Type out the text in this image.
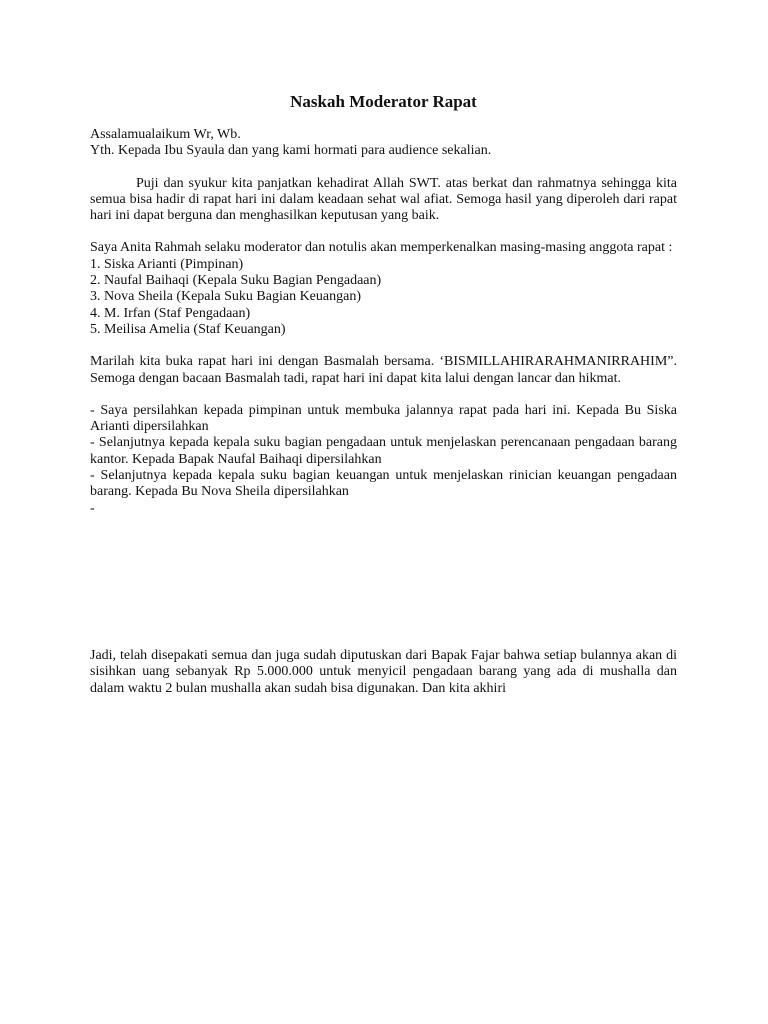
Naskah Moderator Rapat
Assalamualaikum Wr, Wb.
Yth. Kepada Ibu Syaula dan yang kami hormati para audience sekalian.

Puji dan syukur kita panjatkan kehadirat Allah SWT. atas berkat dan rahmatnya sehingga kita semua bisa hadir di rapat hari ini dalam keadaan sehat wal afiat. Semoga hasil yang diperoleh dari rapat hari ini dapat berguna dan menghasilkan keputusan yang baik.

Saya Anita Rahmah selaku moderator dan notulis akan memperkenalkan masing-masing anggota rapat :
1. Siska Arianti (Pimpinan)
2. Naufal Baihaqi (Kepala Suku Bagian Pengadaan)
3. Nova Sheila (Kepala Suku Bagian Keuangan)
4. M. Irfan (Staf Pengadaan)
5. Meilisa Amelia (Staf Keuangan)

Marilah kita buka rapat hari ini dengan Basmalah bersama. ‘BISMILLAHIRARAHMANIRRAHIM”. Semoga dengan bacaan Basmalah tadi, rapat hari ini dapat kita lalui dengan lancar dan hikmat.

- Saya persilahkan kepada pimpinan untuk membuka jalannya rapat pada hari ini. Kepada Bu Siska Arianti dipersilahkan

- Selanjutnya kepada kepala suku bagian pengadaan untuk menjelaskan perencanaan pengadaan barang kantor. Kepada Bapak Naufal Baihaqi dipersilahkan

- Selanjutnya kepada kepala suku bagian keuangan untuk menjelaskan rinician keuangan pengadaan barang. Kepada Bu Nova Sheila dipersilahkan

-

Jadi, telah disepakati semua dan juga sudah diputuskan dari Bapak Fajar bahwa setiap bulannya akan di sisihkan uang sebanyak Rp 5.000.000 untuk menyicil pengadaan barang yang ada di mushalla dan dalam waktu 2 bulan mushalla akan sudah bisa digunakan. Dan kita akhiri
